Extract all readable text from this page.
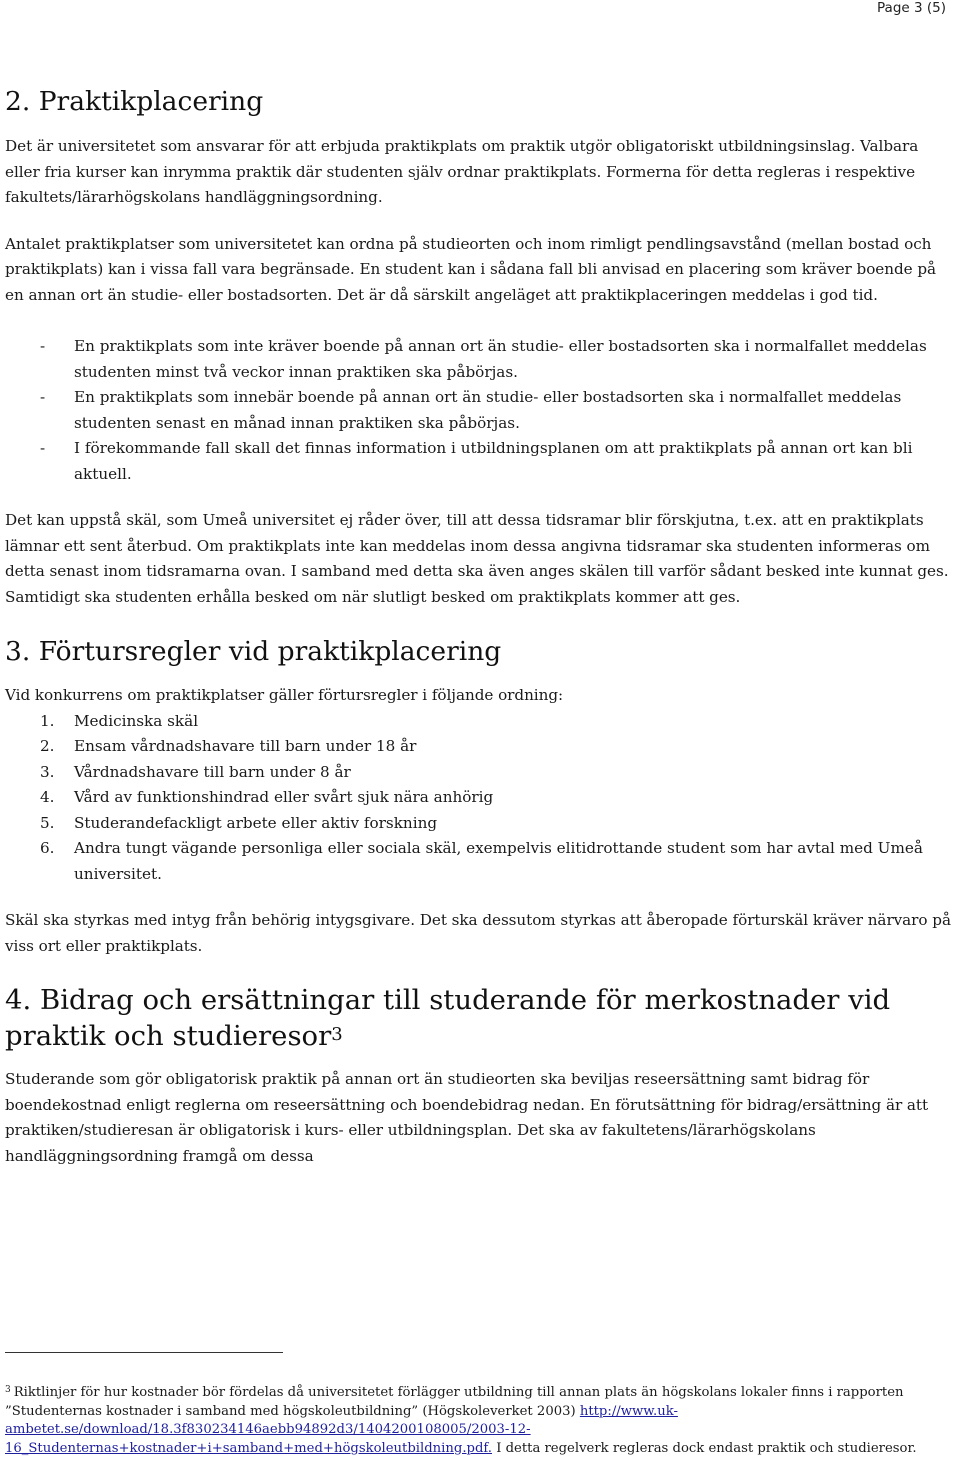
Page 3 (5)
2. Praktikplacering

Det är universitetet som ansvarar för att erbjuda praktikplats om praktik utgör obligatoriskt utbildningsinslag. Valbara eller fria kurser kan inrymma praktik där studenten själv ordnar praktikplats. Formerna för detta regleras i respektive fakultets/lärarhögskolans handläggningsordning.

Antalet praktikplatser som universitetet kan ordna på studieorten och inom rimligt pendlingsavstånd (mellan bostad och praktikplats) kan i vissa fall vara begränsade. En student kan i sådana fall bli anvisad en placering som kräver boende på en annan ort än studie- eller bostadsorten. Det är då särskilt angeläget att praktikplaceringen meddelas i god tid.

- En praktikplats som inte kräver boende på annan ort än studie- eller bostadsorten ska i normalfallet meddelas studenten minst två veckor innan praktiken ska påbörjas.
- En praktikplats som innebär boende på annan ort än studie- eller bostadsorten ska i normalfallet meddelas studenten senast en månad innan praktiken ska påbörjas.
- I förekommande fall skall det finnas information i utbildningsplanen om att praktikplats på annan ort kan bli aktuell.

Det kan uppstå skäl, som Umeå universitet ej råder över, till att dessa tidsramar blir förskjutna, t.ex. att en praktikplats lämnar ett sent återbud. Om praktikplats inte kan meddelas inom dessa angivna tidsramar ska studenten informeras om detta senast inom tidsramarna ovan. I samband med detta ska även anges skälen till varför sådant besked inte kunnat ges. Samtidigt ska studenten erhålla besked om när slutligt besked om praktikplats kommer att ges.

3. Förtursregler vid praktikplacering

Vid konkurrens om praktikplatser gäller förtursregler i följande ordning:

1. Medicinska skäl
2. Ensam vårdnadshavare till barn under 18 år
3. Vårdnadshavare till barn under 8 år
4. Vård av funktionshindrad eller svårt sjuk nära anhörig
5. Studerandefackligt arbete eller aktiv forskning
6. Andra tungt vägande personliga eller sociala skäl, exempelvis elitidrottande student som har avtal med Umeå universitet.

Skäl ska styrkas med intyg från behörig intygsgivare. Det ska dessutom styrkas att åberopade förturskäl kräver närvaro på viss ort eller praktikplats.

4. Bidrag och ersättningar till studerande för merkostnader vid praktik och studieresor$^3$

Studerande som gör obligatorisk praktik på annan ort än studieorten ska beviljas reseersättning samt bidrag för boendekostnad enligt reglerna om reseersättning och boendebidrag nedan. En förutsättning för bidrag/ersättning är att praktiken/studieresan är obligatorisk i kurs- eller utbildningsplan. Det ska av fakultetens/lärarhögskolans handläggningsordning framgå om dessa

$^3$ Riktlinjer för hur kostnader bör fördelas då universitetet förlägger utbildning till annan plats än högskolans lokaler finns i rapporten ”Studenternas kostnader i samband med högskoleutbildning” (Högskoleverket 2003) http://www.uk-ambetet.se/download/18.3f830234146aebb94892d3/1404200108005/2003-12-16_Studenternas+kostnader+i+samband+med+högskoleutbildning.pdf. I detta regelverk regleras dock endast praktik och studieresor.
